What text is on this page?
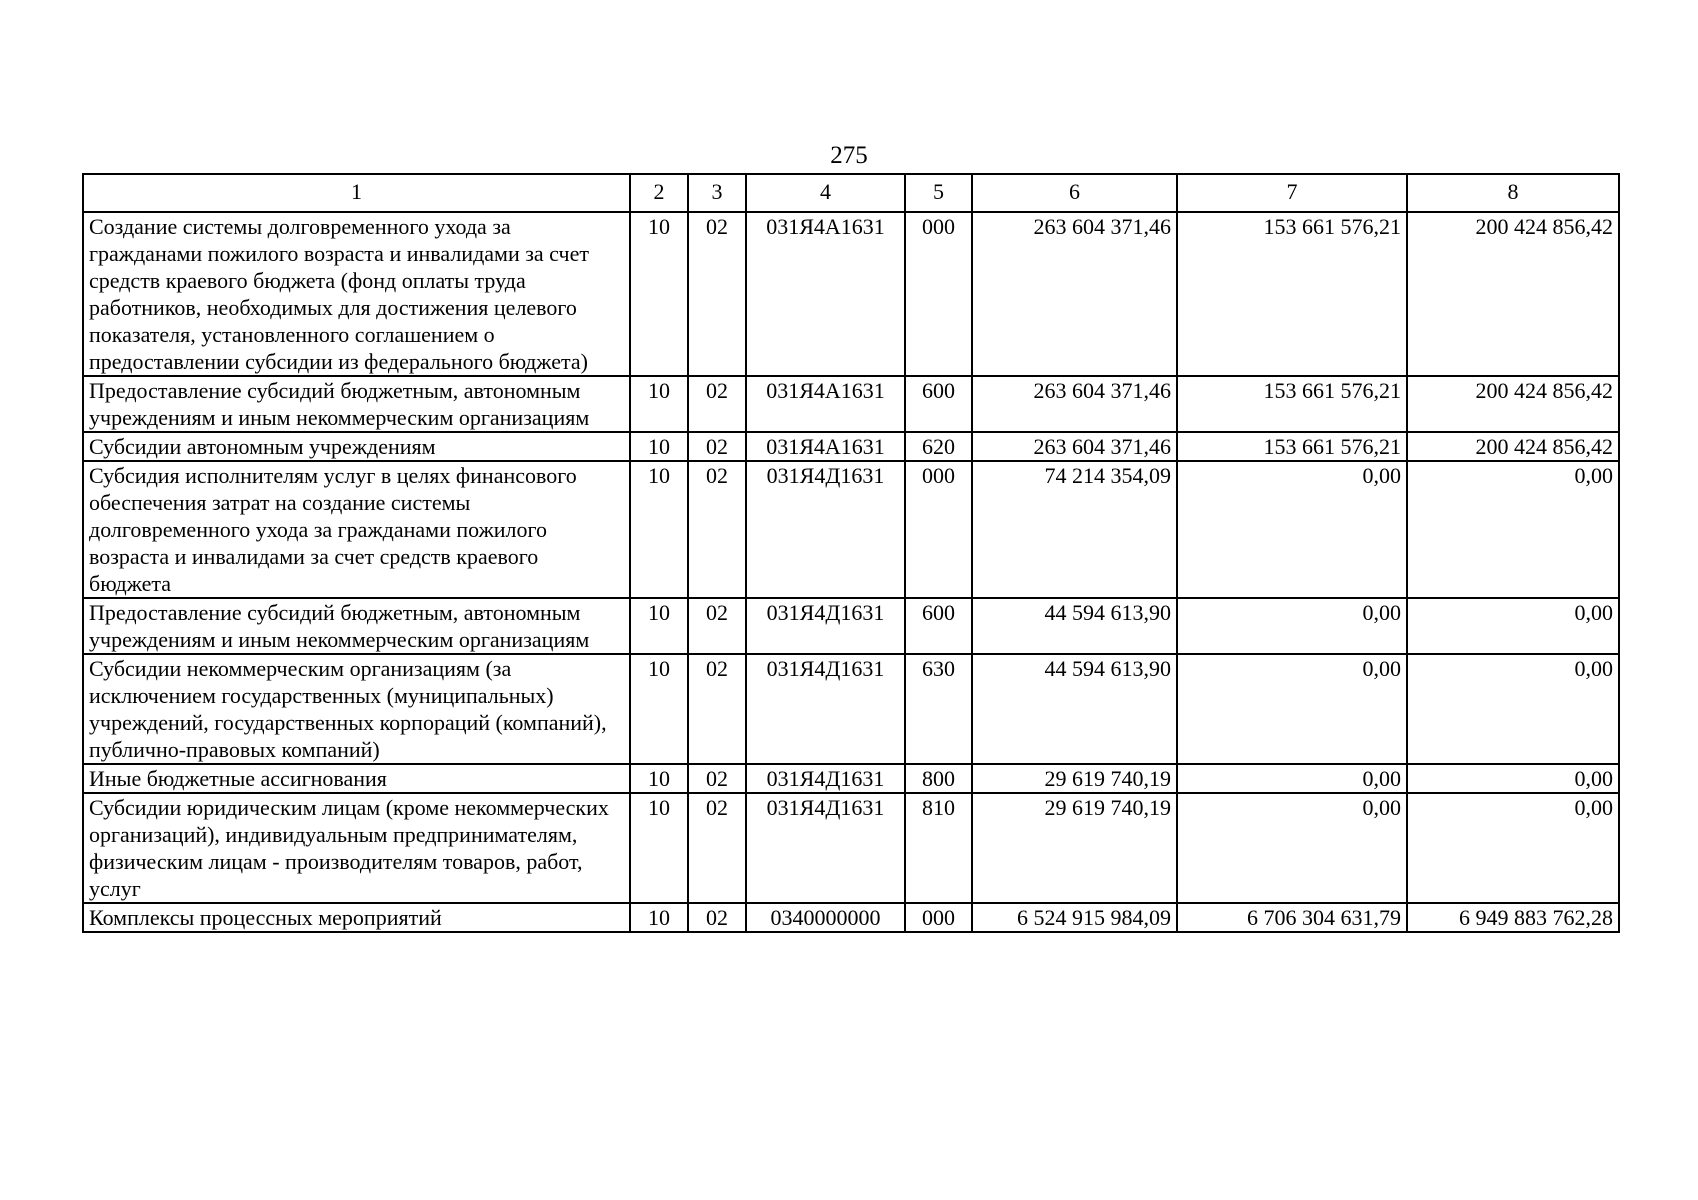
275
1	2	3	4	5	6	7	8
Создание системы долговременного ухода за гражданами пожилого возраста и инвалидами за счет средств краевого бюджета (фонд оплаты труда работников, необходимых для достижения целевого показателя, установленного соглашением о предоставлении субсидии из федерального бюджета)	10	02	031Я4А1631	000	263 604 371,46	153 661 576,21	200 424 856,42
Предоставление субсидий бюджетным, автономным учреждениям и иным некоммерческим организациям	10	02	031Я4А1631	600	263 604 371,46	153 661 576,21	200 424 856,42
Субсидии автономным учреждениям	10	02	031Я4А1631	620	263 604 371,46	153 661 576,21	200 424 856,42
Субсидия исполнителям услуг в целях финансового обеспечения затрат на создание системы долговременного ухода за гражданами пожилого возраста и инвалидами за счет средств краевого бюджета	10	02	031Я4Д1631	000	74 214 354,09	0,00	0,00
Предоставление субсидий бюджетным, автономным учреждениям и иным некоммерческим организациям	10	02	031Я4Д1631	600	44 594 613,90	0,00	0,00
Субсидии некоммерческим организациям (за исключением государственных (муниципальных) учреждений, государственных корпораций (компаний), публично-правовых компаний)	10	02	031Я4Д1631	630	44 594 613,90	0,00	0,00
Иные бюджетные ассигнования	10	02	031Я4Д1631	800	29 619 740,19	0,00	0,00
Субсидии юридическим лицам (кроме некоммерческих организаций), индивидуальным предпринимателям, физическим лицам - производителям товаров, работ, услуг	10	02	031Я4Д1631	810	29 619 740,19	0,00	0,00
Комплексы процессных мероприятий	10	02	0340000000	000	6 524 915 984,09	6 706 304 631,79	6 949 883 762,28
